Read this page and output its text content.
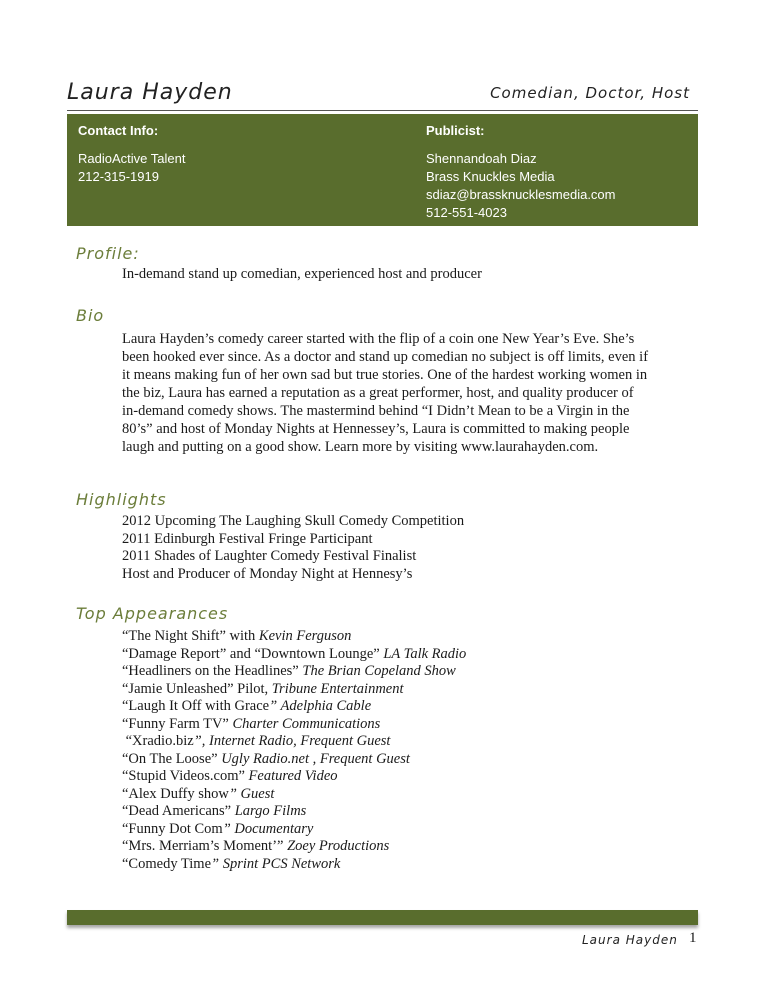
Laura Hayden	Comedian, Doctor, Host
Contact Info:
RadioActive Talent
212-315-1919
Publicist:
Shennandoah Diaz
Brass Knuckles Media
sdiaz@brassknucklesmedia.com
512-551-4023
Profile:
In-demand stand up comedian, experienced host and producer
Bio
Laura Hayden’s comedy career started with the flip of a coin one New Year’s Eve. She’s been hooked ever since. As a doctor and stand up comedian no subject is off limits, even if it means making fun of her own sad but true stories. One of the hardest working women in the biz, Laura has earned a reputation as a great performer, host, and quality producer of in-demand comedy shows. The mastermind behind “I Didn’t Mean to be a Virgin in the 80’s” and host of Monday Nights at Hennessey’s, Laura is committed to making people laugh and putting on a good show. Learn more by visiting www.laurahayden.com.
Highlights
2012 Upcoming The Laughing Skull Comedy Competition
2011 Edinburgh Festival Fringe Participant
2011 Shades of Laughter Comedy Festival Finalist
Host and Producer of Monday Night at Hennesy’s
Top Appearances
“The Night Shift” with Kevin Ferguson
“Damage Report” and “Downtown Lounge” LA Talk Radio
“Headliners on the Headlines” The Brian Copeland Show
“Jamie Unleashed” Pilot, Tribune Entertainment
“Laugh It Off with Grace” Adelphia Cable
“Funny Farm TV” Charter Communications
“Xradio.biz”, Internet Radio, Frequent Guest
“On The Loose” Ugly Radio.net , Frequent Guest
“Stupid Videos.com” Featured Video
“Alex Duffy show” Guest
“Dead Americans” Largo Films
“Funny Dot Com” Documentary
“Mrs. Merriam’s Moment’” Zoey Productions
“Comedy Time” Sprint PCS Network
Laura Hayden 1
